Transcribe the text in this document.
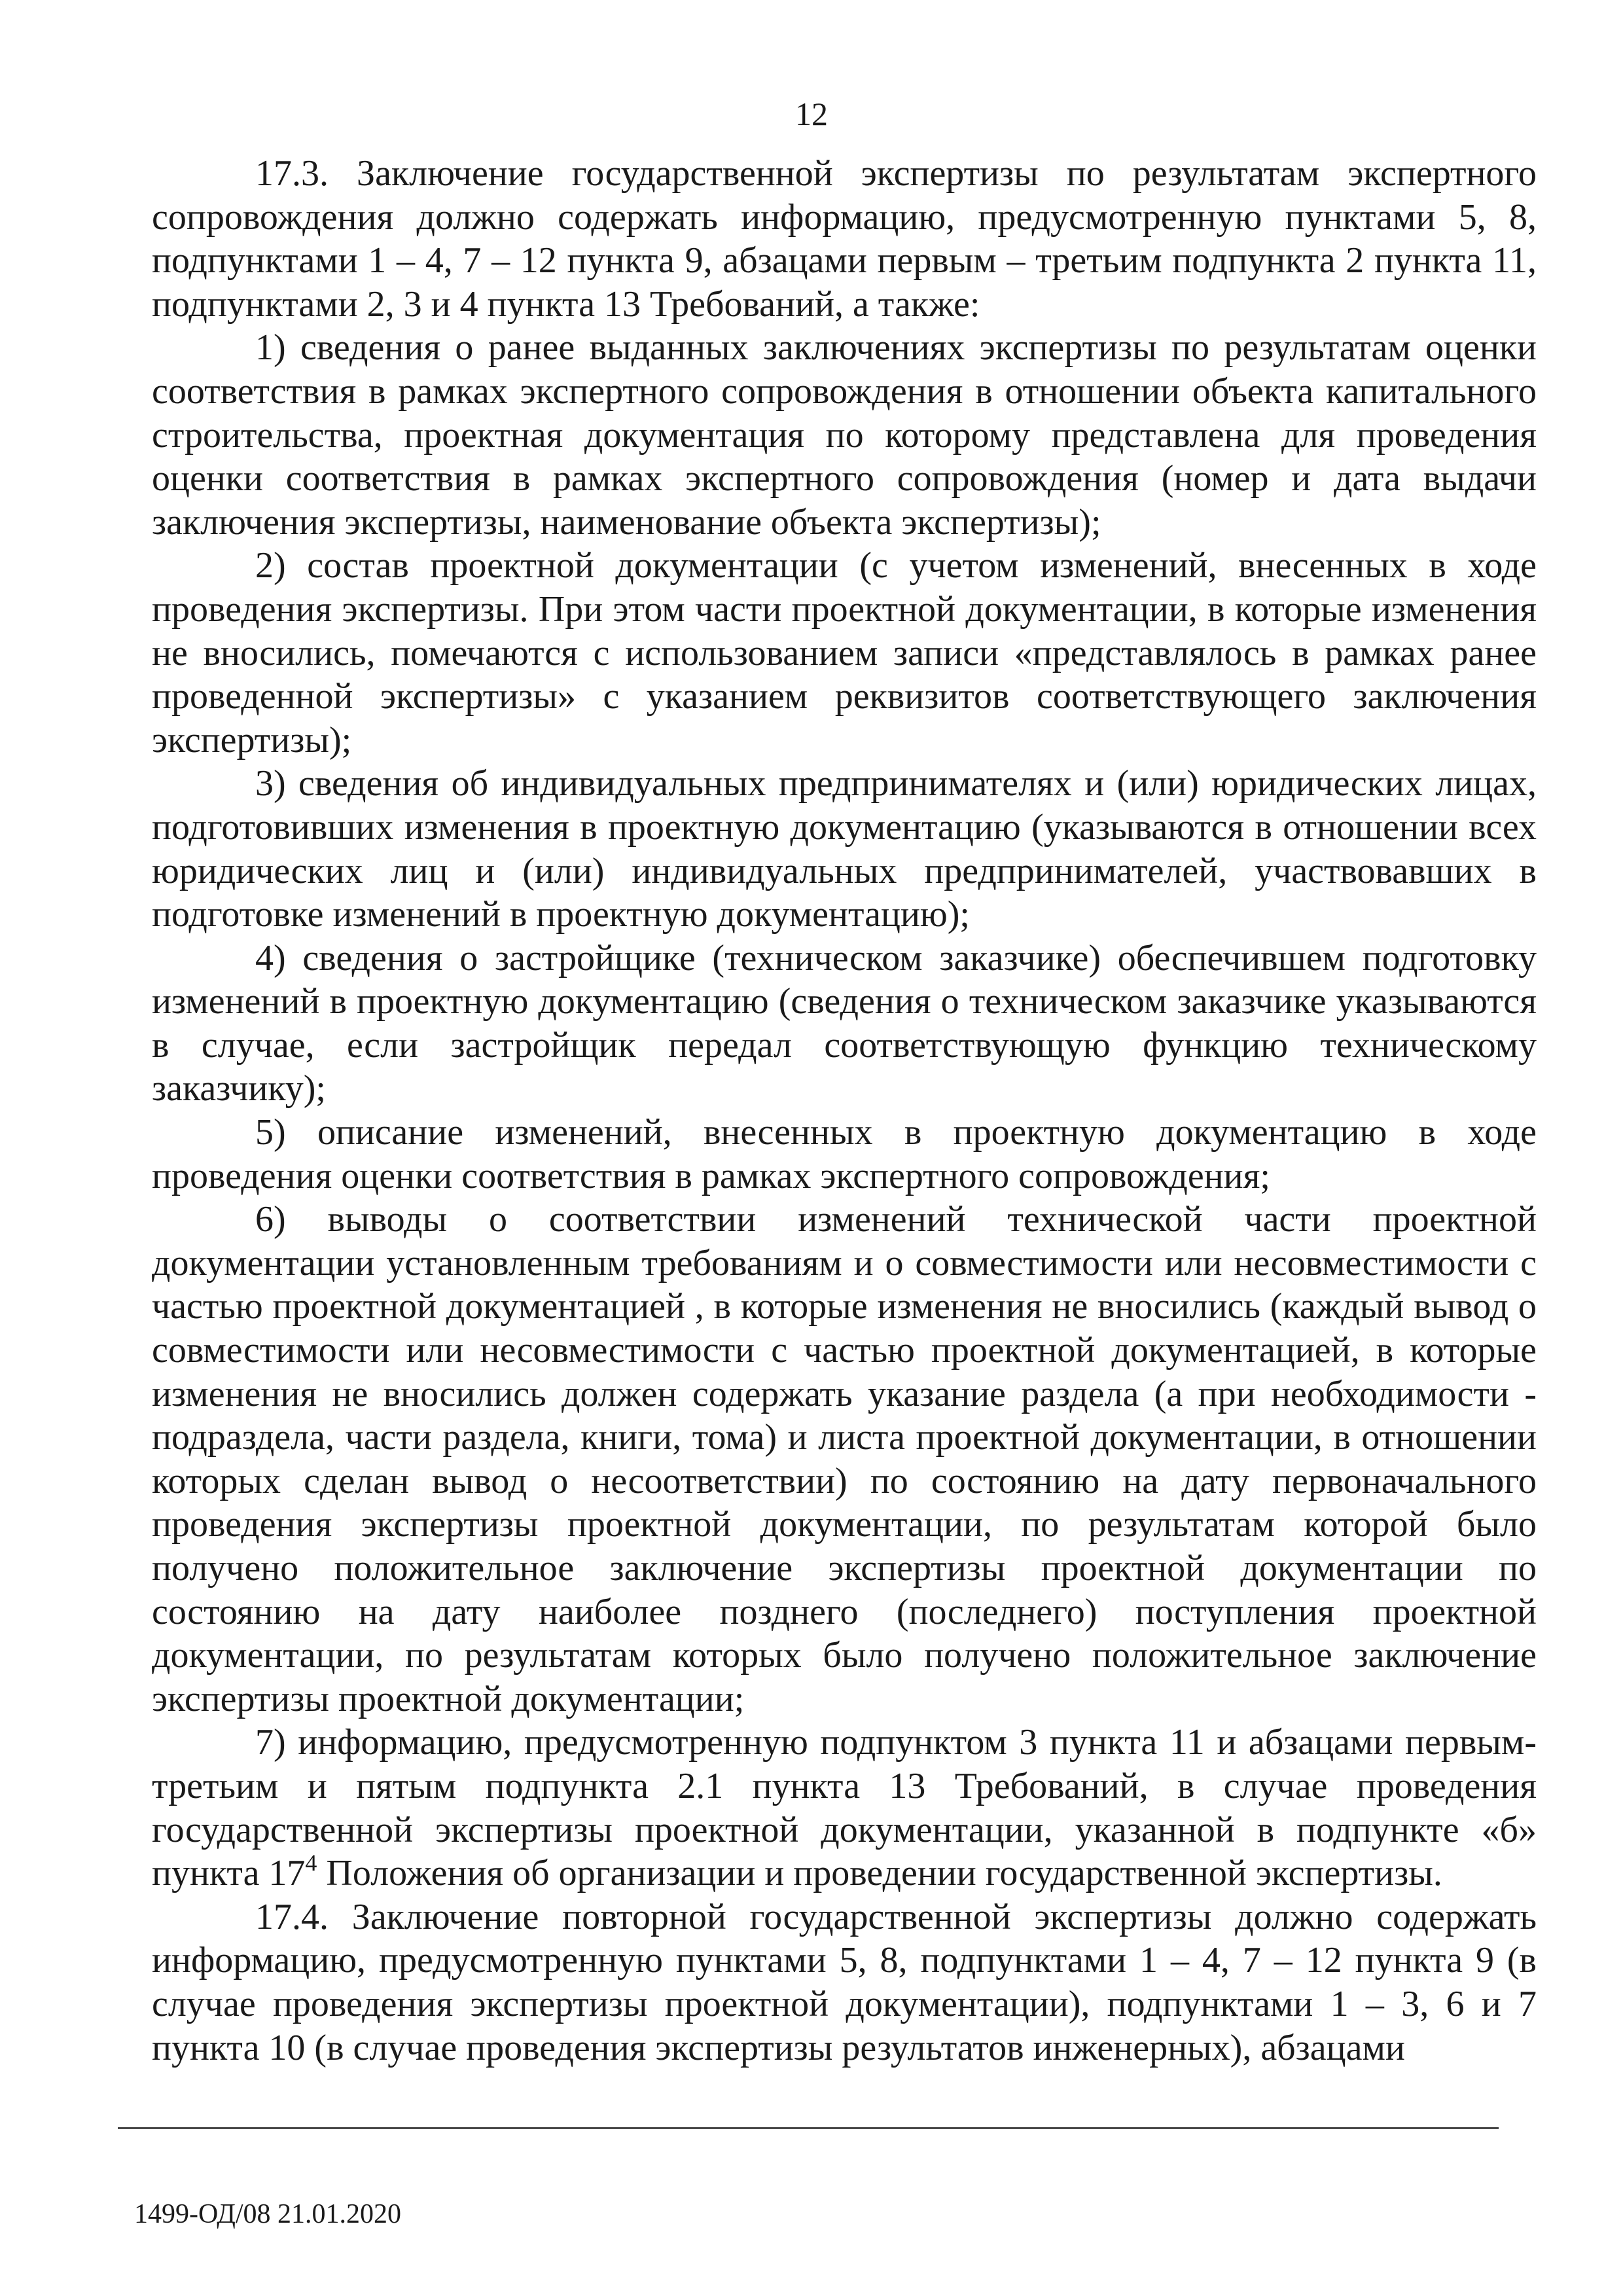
12

17.3. Заключение государственной экспертизы по результатам экспертного сопровождения должно содержать информацию, предусмотренную пунктами 5, 8, подпунктами 1 – 4, 7 – 12 пункта 9, абзацами первым – третьим подпункта 2 пункта 11, подпунктами 2, 3 и 4 пункта 13 Требований, а также:

1) сведения о ранее выданных заключениях экспертизы по результатам оценки соответствия в рамках экспертного сопровождения в отношении объекта капитального строительства, проектная документация по которому представлена для проведения оценки соответствия в рамках экспертного сопровождения (номер и дата выдачи заключения экспертизы, наименование объекта экспертизы);

2) состав проектной документации (с учетом изменений, внесенных в ходе проведения экспертизы. При этом части проектной документации, в которые изменения не вносились, помечаются с использованием записи «представлялось в рамках ранее проведенной экспертизы» с указанием реквизитов соответствующего заключения экспертизы);

3) сведения об индивидуальных предпринимателях и (или) юридических лицах, подготовивших изменения в проектную документацию (указываются в отношении всех юридических лиц и (или) индивидуальных предпринимателей, участвовавших в подготовке изменений в проектную документацию);

4) сведения о застройщике (техническом заказчике) обеспечившем подготовку изменений в проектную документацию (сведения о техническом заказчике указываются в случае, если застройщик передал соответствующую функцию техническому заказчику);

5) описание изменений, внесенных в проектную документацию в ходе проведения оценки соответствия в рамках экспертного сопровождения;

6) выводы о соответствии изменений технической части проектной документации установленным требованиям и о совместимости или несовместимости с частью проектной документацией , в которые изменения не вносились (каждый вывод о совместимости или несовместимости с частью проектной документацией, в которые изменения не вносились должен содержать указание раздела (а при необходимости - подраздела, части раздела, книги, тома) и листа проектной документации, в отношении которых сделан вывод о несоответствии) по состоянию на дату первоначального проведения экспертизы проектной документации, по результатам которой было получено положительное заключение экспертизы проектной документации по состоянию на дату наиболее позднего (последнего) поступления проектной документации, по результатам которых было получено положительное заключение экспертизы проектной документации;

7) информацию, предусмотренную подпунктом 3 пункта 11 и абзацами первым-третьим и пятым подпункта 2.1 пункта 13 Требований, в случае проведения государственной экспертизы проектной документации, указанной в подпункте «б» пункта $17^4$ Положения об организации и проведении государственной экспертизы.

17.4. Заключение повторной государственной экспертизы должно содержать информацию, предусмотренную пунктами 5, 8, подпунктами 1 – 4, 7 – 12 пункта 9 (в случае проведения экспертизы проектной документации), подпунктами 1 – 3, 6 и 7 пункта 10 (в случае проведения экспертизы результатов инженерных), абзацами

1499-ОД/08 21.01.2020
